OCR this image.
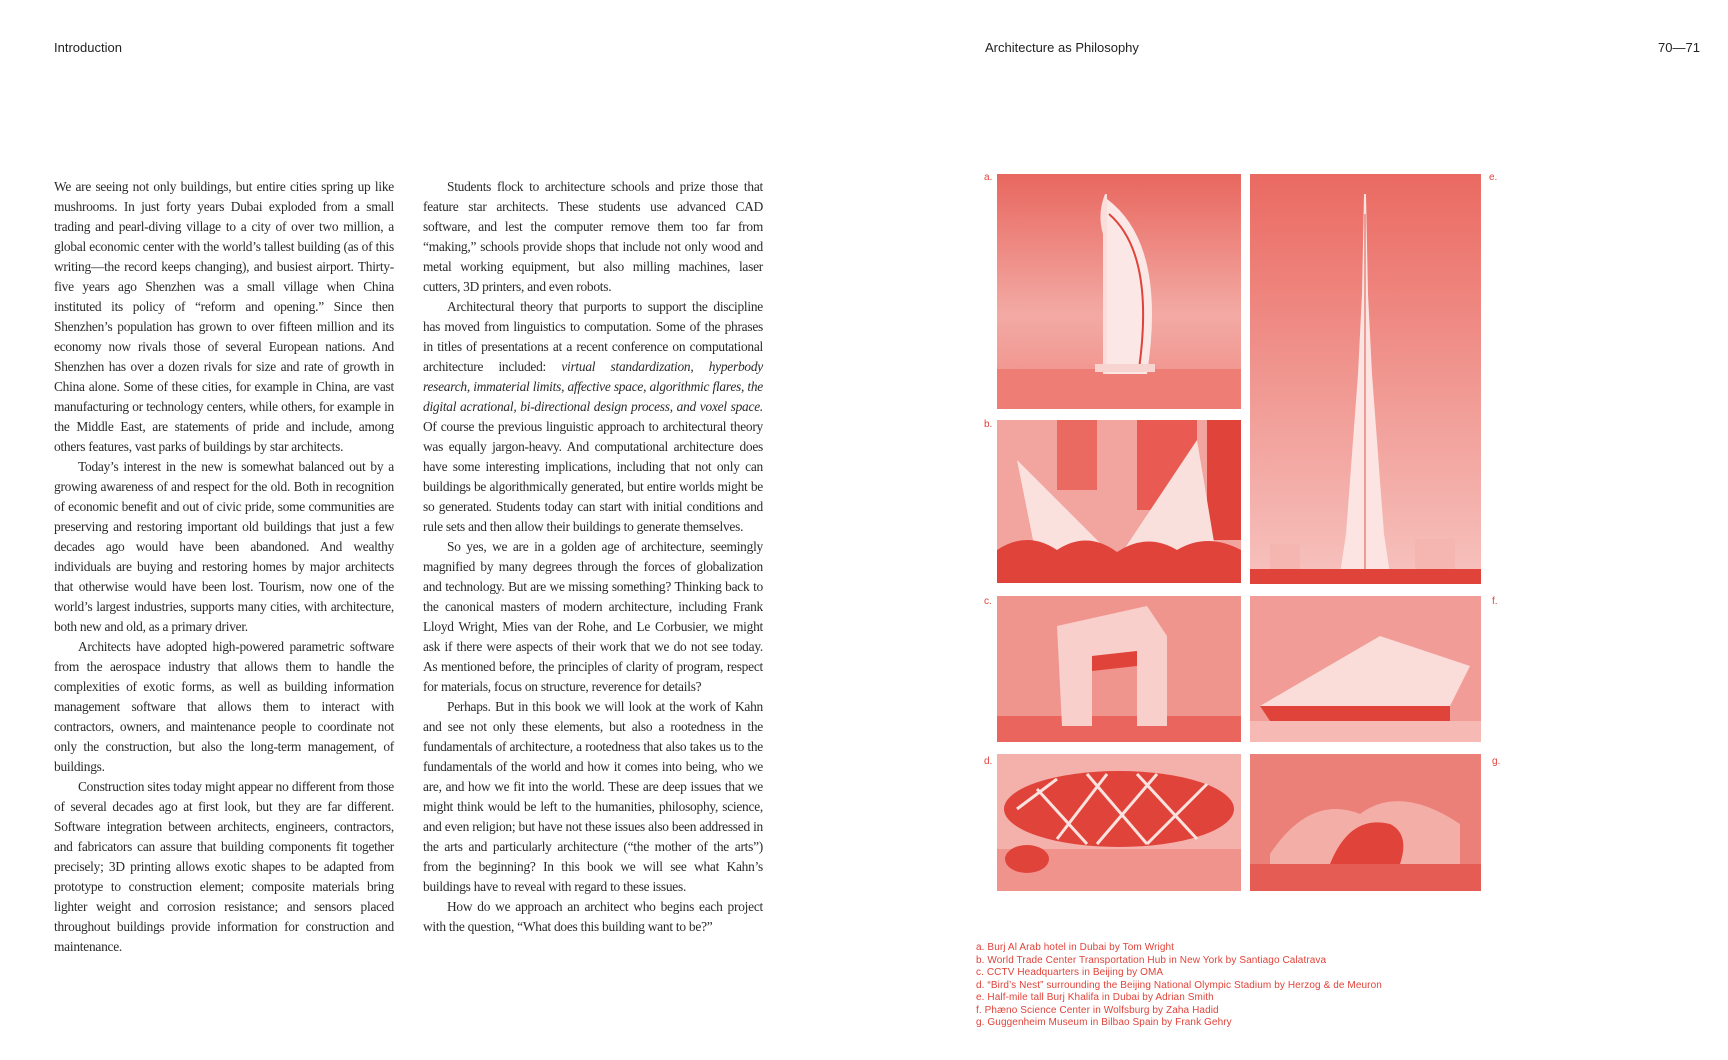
Introduction	Architecture as Philosophy	70—71

We are seeing not only buildings, but entire cities spring up like mushrooms. In just forty years Dubai exploded from a small trading and pearl-diving village to a city of over two million, a global economic center with the world’s tallest building (as of this writing—the record keeps changing), and busiest airport. Thirty-five years ago Shenzhen was a small village when China instituted its policy of “reform and opening.” Since then Shenzhen’s population has grown to over fifteen million and its economy now rivals those of several European nations. And Shenzhen has over a dozen rivals for size and rate of growth in China alone. Some of these cities, for example in China, are vast manufacturing or technology centers, while others, for example in the Middle East, are statements of pride and include, among others features, vast parks of buildings by star architects.

Today’s interest in the new is somewhat balanced out by a growing awareness of and respect for the old. Both in recognition of economic benefit and out of civic pride, some communities are preserving and restoring important old buildings that just a few decades ago would have been abandoned. And wealthy individuals are buying and restoring homes by major architects that otherwise would have been lost. Tourism, now one of the world’s largest industries, supports many cities, with architecture, both new and old, as a primary driver.

Architects have adopted high-powered parametric software from the aerospace industry that allows them to handle the complexities of exotic forms, as well as building information management software that allows them to interact with contractors, owners, and maintenance people to coordinate not only the construction, but also the long-term management, of buildings.

Construction sites today might appear no different from those of several decades ago at first look, but they are far different. Software integration between architects, engineers, contractors, and fabricators can assure that building components fit together precisely; 3D printing allows exotic shapes to be adapted from prototype to construction element; composite materials bring lighter weight and corrosion resistance; and sensors placed throughout buildings provide information for construction and maintenance.

Students flock to architecture schools and prize those that feature star architects. These students use advanced CAD software, and lest the computer remove them too far from “making,” schools provide shops that include not only wood and metal working equipment, but also milling machines, laser cutters, 3D printers, and even robots.

Architectural theory that purports to support the discipline has moved from linguistics to computation. Some of the phrases in titles of presentations at a recent conference on computational architecture included: virtual standardization, hyperbody research, immaterial limits, affective space, algorithmic flares, the digital acrational, bi-directional design process, and voxel space. Of course the previous linguistic approach to architectural theory was equally jargon-heavy. And computational architecture does have some interesting implications, including that not only can buildings be algorithmically generated, but entire worlds might be so generated. Students today can start with initial conditions and rule sets and then allow their buildings to generate themselves.

So yes, we are in a golden age of architecture, seemingly magnified by many degrees through the forces of globalization and technology. But are we missing something? Thinking back to the canonical masters of modern architecture, including Frank Lloyd Wright, Mies van der Rohe, and Le Corbusier, we might ask if there were aspects of their work that we do not see today. As mentioned before, the principles of clarity of program, respect for materials, focus on structure, reverence for details?

Perhaps. But in this book we will look at the work of Kahn and see not only these elements, but also a rootedness in the fundamentals of architecture, a rootedness that also takes us to the fundamentals of the world and how it comes into being, who we are, and how we fit into the world. These are deep issues that we might think would be left to the humanities, philosophy, science, and even religion; but have not these issues also been addressed in the arts and particularly architecture (“the mother of the arts”) from the beginning? In this book we will see what Kahn’s buildings have to reveal with regard to these issues.

How do we approach an architect who begins each project with the question, “What does this building want to be?”

a.
b.
c.
d.
e.
f.
g.
a. Burj Al Arab hotel in Dubai by Tom Wright
b. World Trade Center Transportation Hub in New York by Santiago Calatrava
c. CCTV Headquarters in Beijing by OMA
d. “Bird’s Nest” surrounding the Beijing National Olympic Stadium by Herzog & de Meuron
e. Half-mile tall Burj Khalifa in Dubai by Adrian Smith
f. Phæno Science Center in Wolfsburg by Zaha Hadid
g. Guggenheim Museum in Bilbao Spain by Frank Gehry
